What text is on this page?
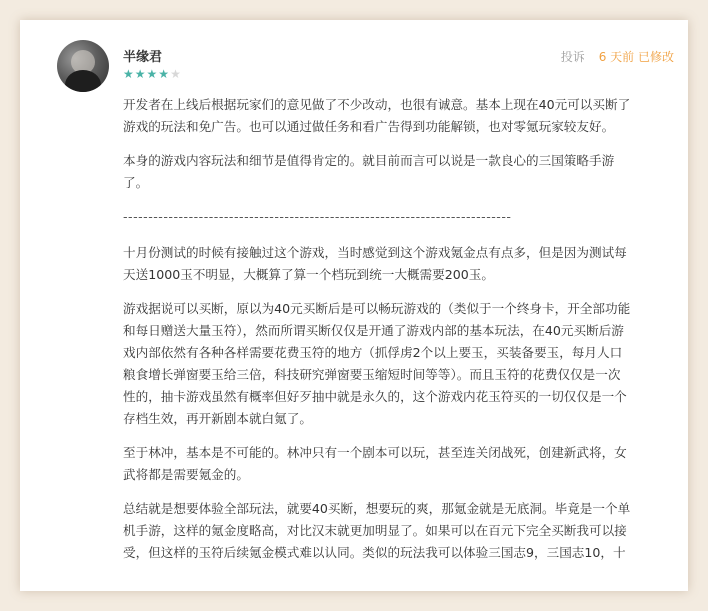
半缘君
★★★★★
投诉 6 天前 已修改

开发者在上线后根据玩家们的意见做了不少改动，也很有诚意。基本上现在40元可以买断了
游戏的玩法和免广告。也可以通过做任务和看广告得到功能解锁，也对零氪玩家较友好。

本身的游戏内容玩法和细节是值得肯定的。就目前而言可以说是一款良心的三国策略手游
了。

-----------------------------------------------------------------------------

十月份测试的时候有接触过这个游戏，当时感觉到这个游戏氪金点有点多，但是因为测试每
天送1000玉不明显，大概算了算一个档玩到统一大概需要200玉。

游戏据说可以买断，原以为40元买断后是可以畅玩游戏的（类似于一个终身卡，开全部功能
和每日赠送大量玉符），然而所谓买断仅仅是开通了游戏内部的基本玩法，在40元买断后游
戏内部依然有各种各样需要花费玉符的地方（抓俘虏2个以上要玉，买装备要玉，每月人口
粮食增长弹窗要玉给三倍，科技研究弹窗要玉缩短时间等等）。而且玉符的花费仅仅是一次
性的，抽卡游戏虽然有概率但好歹抽中就是永久的，这个游戏内花玉符买的一切仅仅是一个
存档生效，再开新剧本就白氪了。

至于林冲，基本是不可能的。林冲只有一个剧本可以玩，甚至连关闭战死，创建新武将，女
武将都是需要氪金的。

总结就是想要体验全部玩法，就要40买断，想要玩的爽，那氪金就是无底洞。毕竟是一个单
机手游，这样的氪金度略高，对比汉末就更加明显了。如果可以在百元下完全买断我可以接
受，但这样的玉符后续氪金模式难以认同。类似的玩法我可以体验三国志9，三国志10，十
